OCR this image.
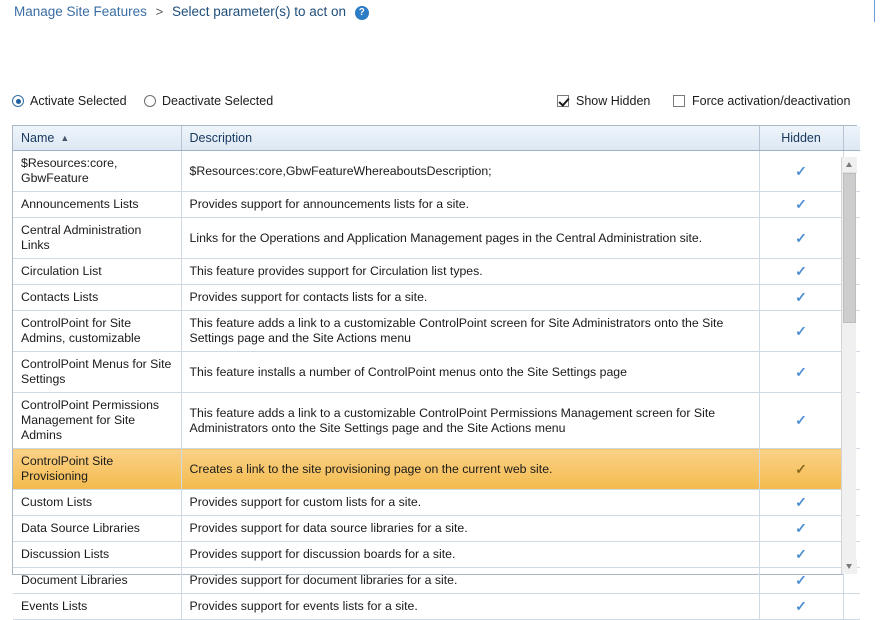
Manage Site Features > Select parameter(s) to act on ?
Activate Selected	Deactivate Selected	Show Hidden	Force activation/deactivation
Name ▲	Description	Hidden	
$Resources:core, GbwFeature	$Resources:core,GbwFeatureWhereaboutsDescription;	✓	
Announcements Lists	Provides support for announcements lists for a site.	✓	
Central Administration Links	Links for the Operations and Application Management pages in the Central Administration site.	✓	
Circulation List	This feature provides support for Circulation list types.	✓	
Contacts Lists	Provides support for contacts lists for a site.	✓	
ControlPoint for Site Admins, customizable	This feature adds a link to a customizable ControlPoint screen for Site Administrators onto the Site Settings page and the Site Actions menu	✓	
ControlPoint Menus for Site Settings	This feature installs a number of ControlPoint menus onto the Site Settings page	✓	
ControlPoint Permissions Management for Site Admins	This feature adds a link to a customizable ControlPoint Permissions Management screen for Site Administrators onto the Site Settings page and the Site Actions menu	✓	
ControlPoint Site Provisioning	Creates a link to the site provisioning page on the current web site.	✓	
Custom Lists	Provides support for custom lists for a site.	✓	
Data Source Libraries	Provides support for data source libraries for a site.	✓	
Discussion Lists	Provides support for discussion boards for a site.	✓	
Document Libraries	Provides support for document libraries for a site.	✓	
Events Lists	Provides support for events lists for a site.	✓	
